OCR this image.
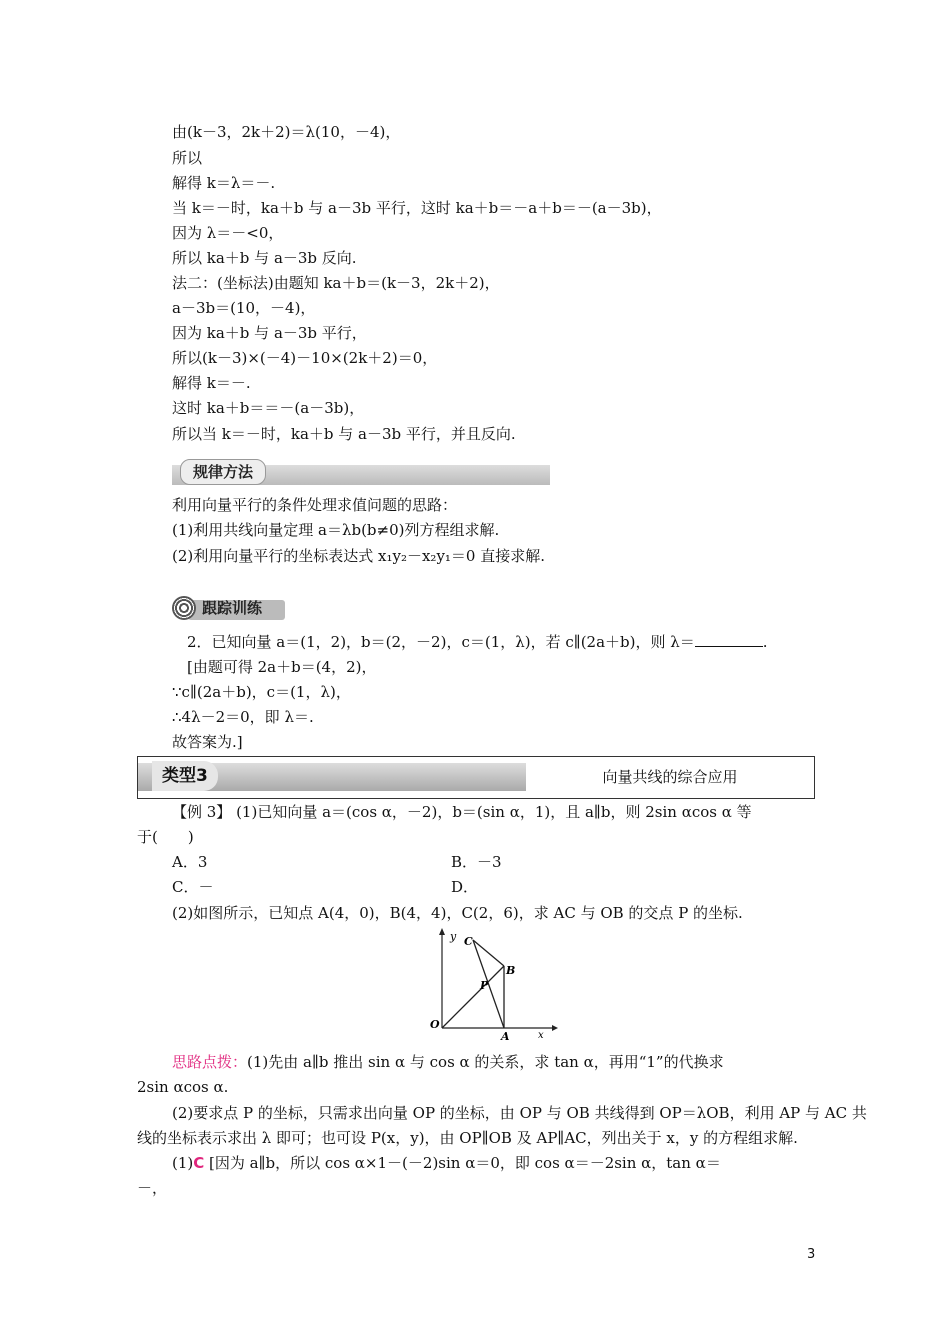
由(k－3，2k＋2)＝λ(10，－4)，
所以
解得 k＝λ＝－.
当 k＝－时，ka＋b 与 a－3b 平行，这时 ka＋b＝－a＋b＝－(a－3b)，
因为 λ＝－<0，
所以 ka＋b 与 a－3b 反向.
法二：(坐标法)由题知 ka＋b＝(k－3，2k＋2)，
a－3b＝(10，－4)，
因为 ka＋b 与 a－3b 平行，
所以(k－3)×(－4)－10×(2k＋2)＝0，
解得 k＝－.
这时 ka＋b＝＝－(a－3b)，
所以当 k＝－时，ka＋b 与 a－3b 平行，并且反向.
规律方法
利用向量平行的条件处理求值问题的思路：
(1)利用共线向量定理 a＝λb(b≠0)列方程组求解.
(2)利用向量平行的坐标表达式 x₁y₂－x₂y₁＝0 直接求解.
跟踪训练
2．已知向量 a＝(1，2)，b＝(2，－2)，c＝(1，λ)，若 c∥(2a＋b)，则 λ＝	.
[由题可得 2a＋b＝(4，2)，
∵c∥(2a＋b)，c＝(1，λ)，
∴4λ－2＝0，即 λ＝.
故答案为.]
类型3	向量共线的综合应用
【例 3】 (1)已知向量 a＝(cos α，－2)，b＝(sin α，1)，且 a∥b，则 2sin αcos α 等
于(　　)
A．3	B．－3
C．－	D．
(2)如图所示，已知点 A(4，0)，B(4，4)，C(2，6)，求 AC 与 OB 的交点 P 的坐标.
y
x
O
A
B
C
P
思路点拨：(1)先由 a∥b 推出 sin α 与 cos α 的关系，求 tan α，再用“1”的代换求
2sin αcos α.
(2)要求点 P 的坐标，只需求出向量 OP 的坐标，由 OP 与 OB 共线得到 OP＝λOB，利用 AP 与 AC 共
线的坐标表示求出 λ 即可；也可设 P(x，y)，由 OP∥OB 及 AP∥AC，列出关于 x，y 的方程组求解.
(1)C [因为 a∥b，所以 cos α×1－(－2)sin α＝0，即 cos α＝－2sin α，tan α＝
－，
3
